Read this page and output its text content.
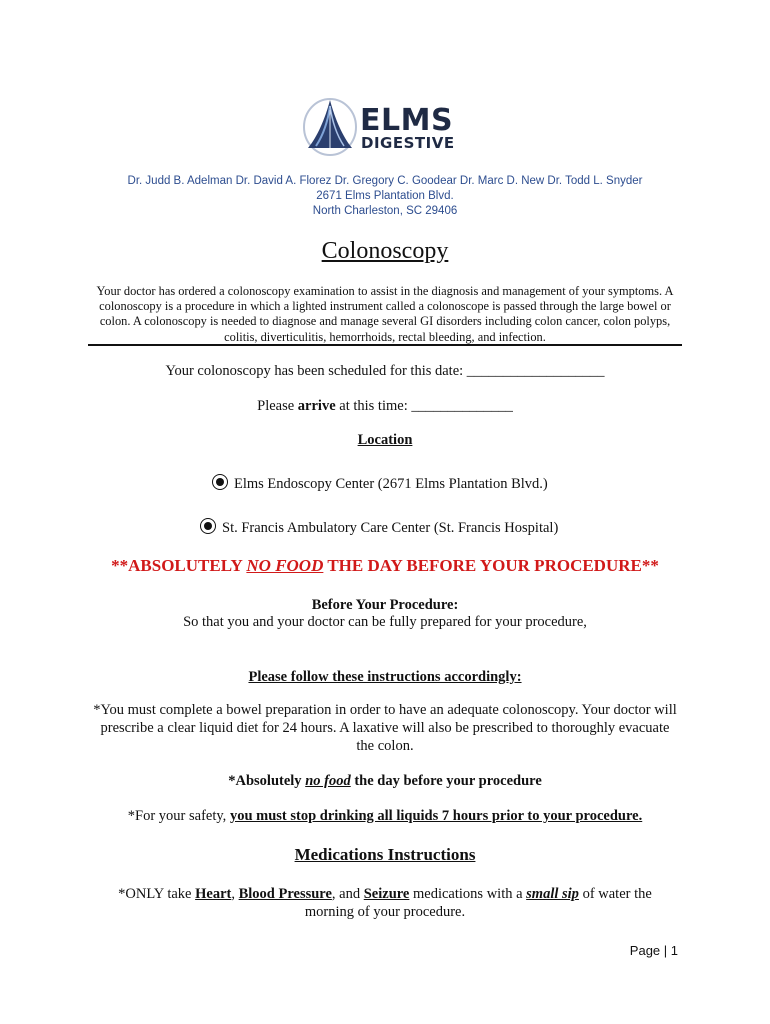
ELMS
DIGESTIVE
Dr. Judd B. Adelman Dr. David A. Florez Dr. Gregory C. Goodear Dr. Marc D. New Dr. Todd L. Snyder
2671 Elms Plantation Blvd.
North Charleston, SC 29406
Colonoscopy
Your doctor has ordered a colonoscopy examination to assist in the diagnosis and management of your symptoms. A colonoscopy is a procedure in which a lighted instrument called a colonoscope is passed through the large bowel or colon. A colonoscopy is needed to diagnose and manage several GI disorders including colon cancer, colon polyps, colitis, diverticulitis, hemorrhoids, rectal bleeding, and infection.
Your colonoscopy has been scheduled for this date: ___________________
Please arrive at this time: ______________
Location
Elms Endoscopy Center (2671 Elms Plantation Blvd.)
St. Francis Ambulatory Care Center (St. Francis Hospital)
**ABSOLUTELY NO FOOD THE DAY BEFORE YOUR PROCEDURE**
Before Your Procedure:
So that you and your doctor can be fully prepared for your procedure,
Please follow these instructions accordingly:
*You must complete a bowel preparation in order to have an adequate colonoscopy. Your doctor will prescribe a clear liquid diet for 24 hours. A laxative will also be prescribed to thoroughly evacuate the colon.
*Absolutely no food the day before your procedure
*For your safety, you must stop drinking all liquids 7 hours prior to your procedure.
Medications Instructions
*ONLY take Heart, Blood Pressure, and Seizure medications with a small sip of water the morning of your procedure.
Page | 1
